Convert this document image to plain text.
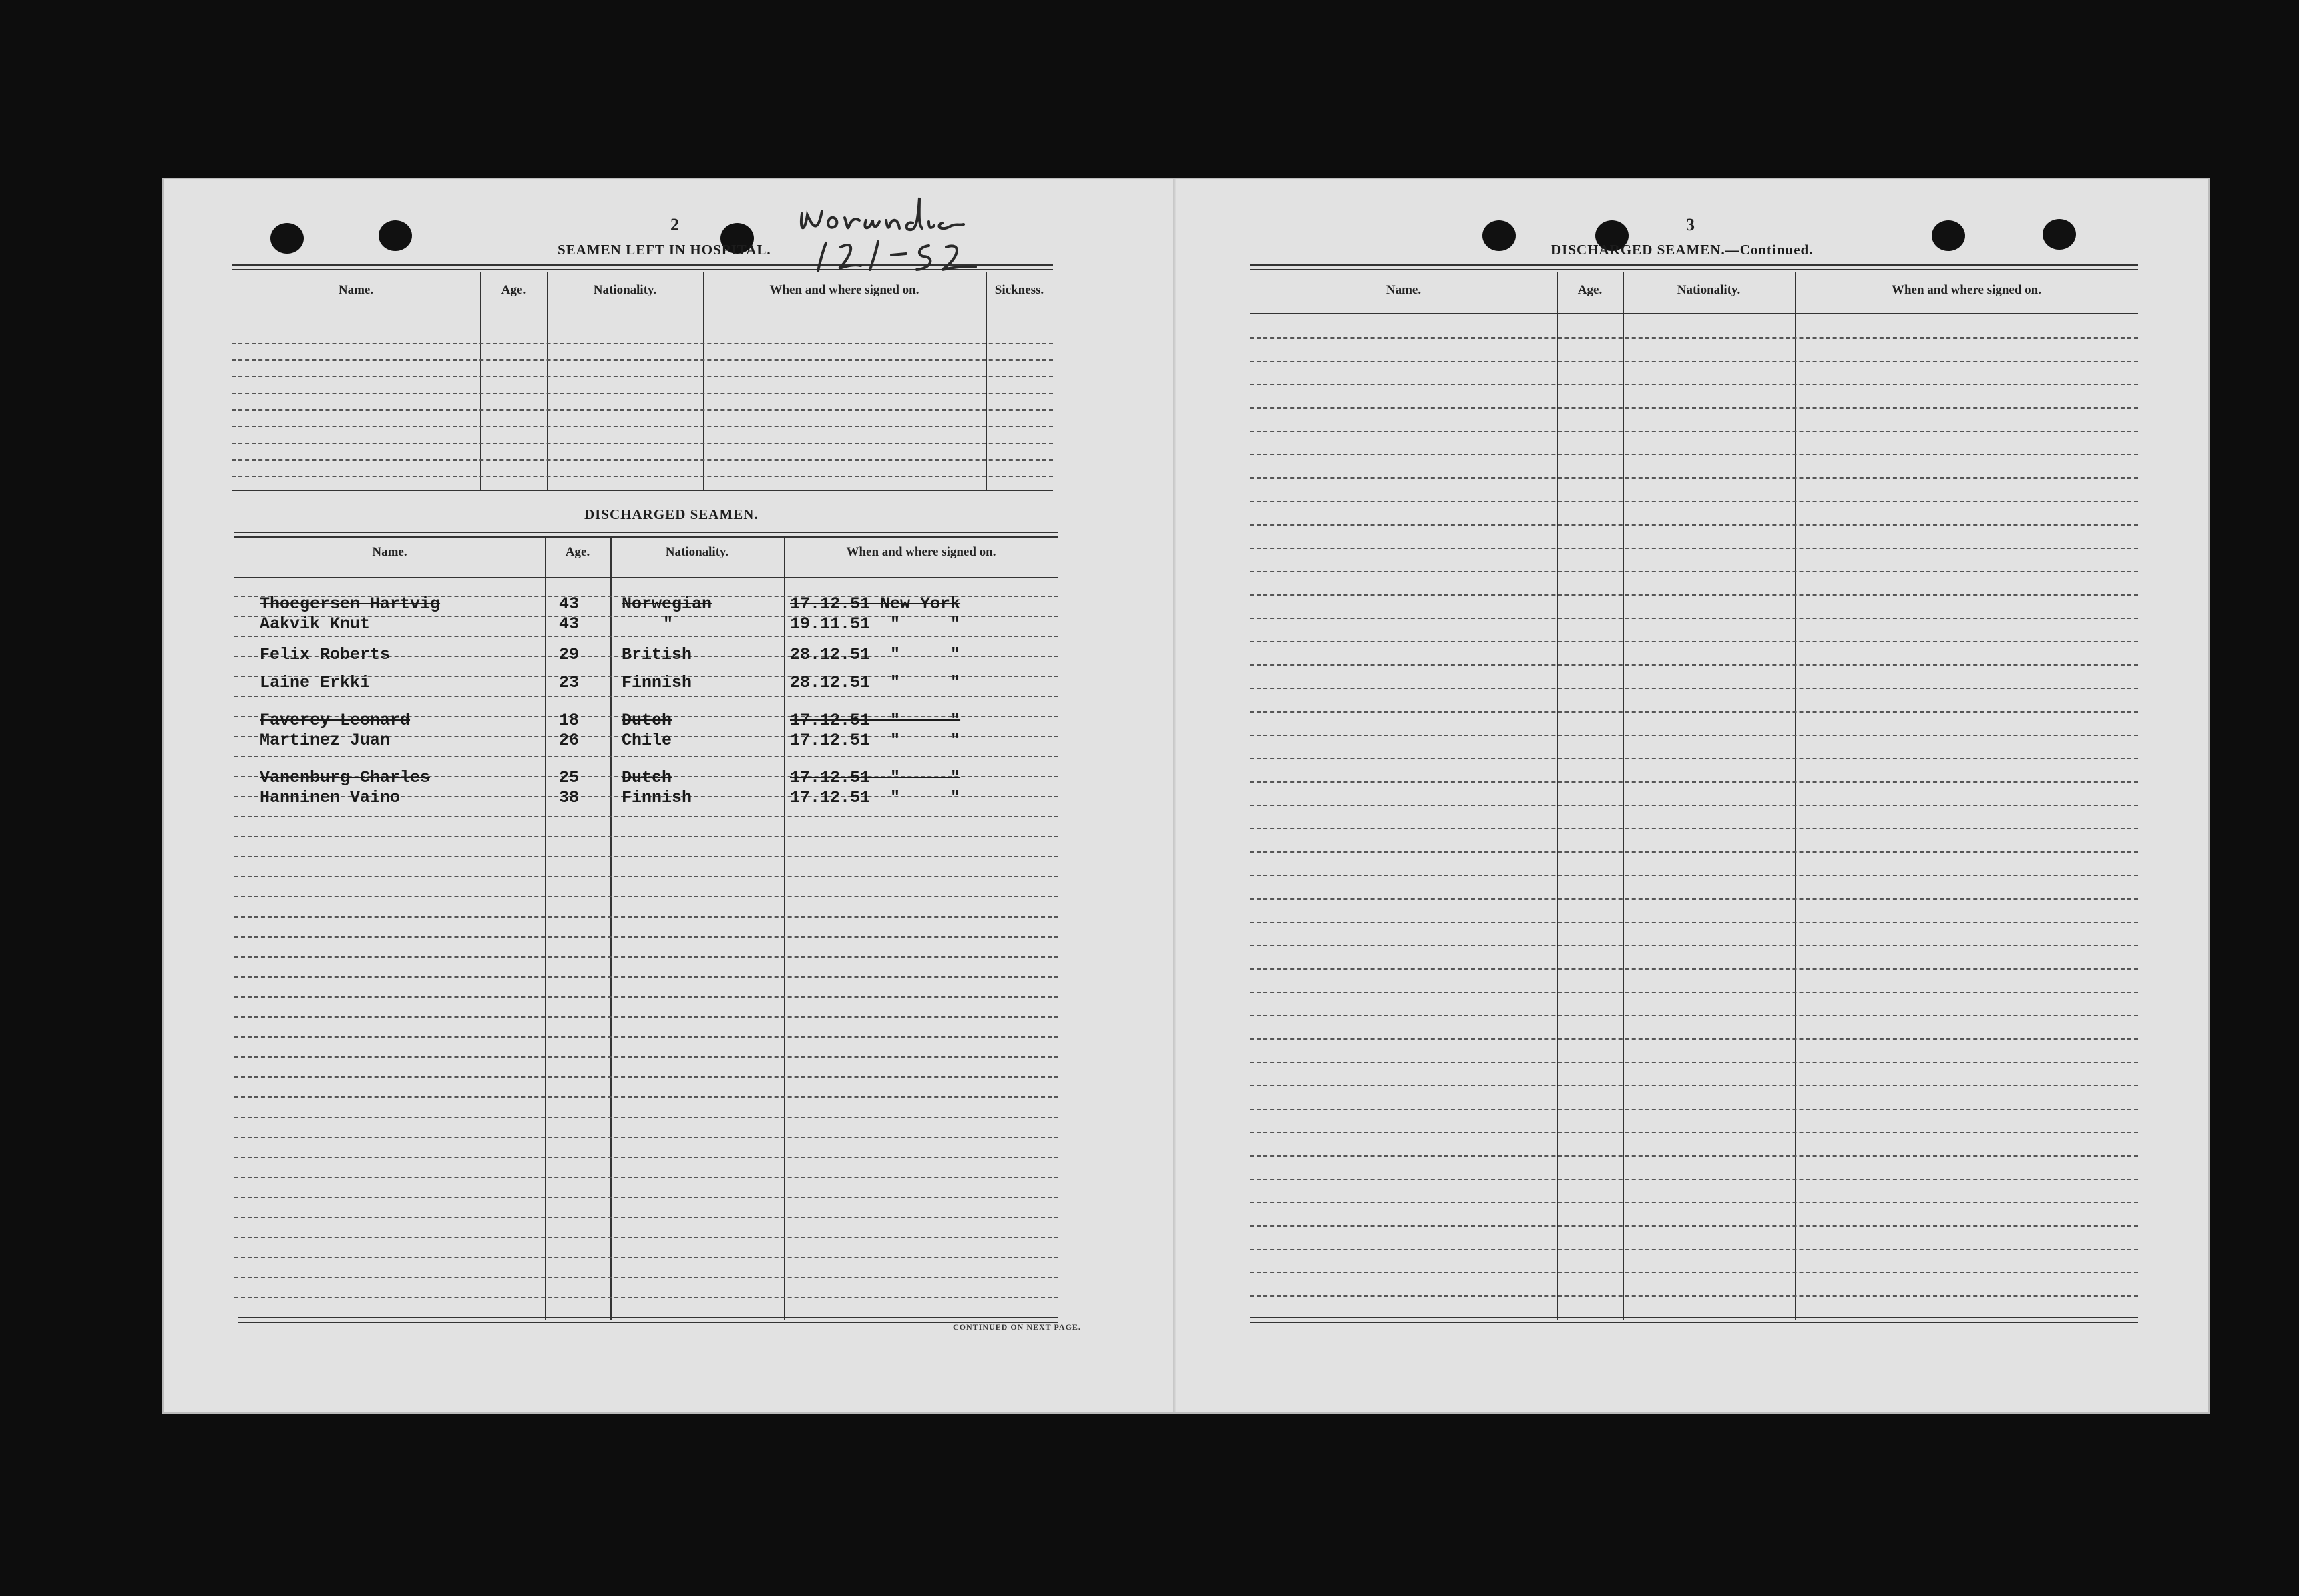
2
SEAMEN LEFT IN HOSPITAL.
Name.	Age.	Nationality.	When and where signed on.	Sickness.
DISCHARGED SEAMEN.
Name.	Age.	Nationality.	When and where signed on.
Thoegersen Hartvig	43	Norwegian	17.12.51 New York
Aakvik Knut	43	"	19.11.51  "     "
Felix Roberts	29	British	28.12.51  "     "
Laine Erkki	23	Finnish	28.12.51  "     "
Faverey Leonard	18	Dutch	17.12.51  "     "
Martinez Juan	26	Chile	17.12.51  "     "
Vanenburg Charles	25	Dutch	17.12.51  "     "
Hanninen Vaino	38	Finnish	17.12.51  "     "
CONTINUED ON NEXT PAGE.
3
DISCHARGED SEAMEN.—Continued.
Name.	Age.	Nationality.	When and where signed on.
